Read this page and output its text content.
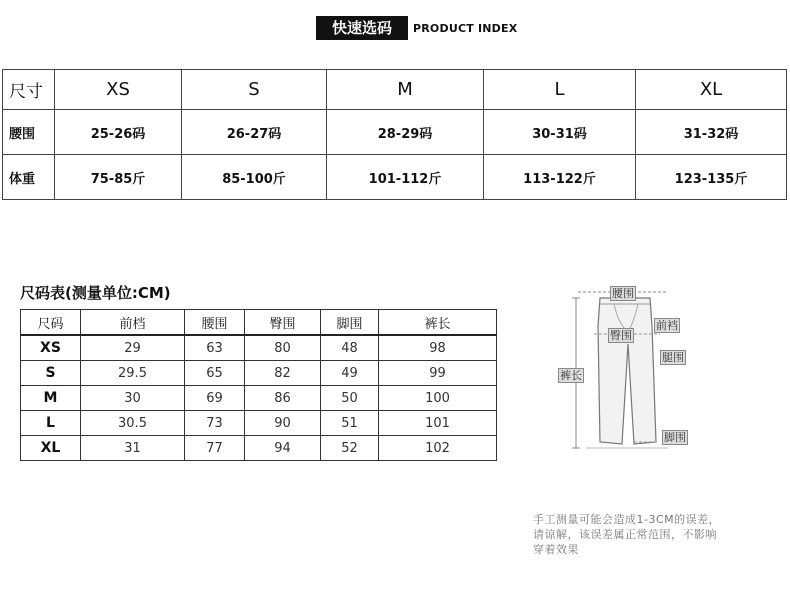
快速选码	PRODUCT INDEX
尺寸	XS	S	M	L	XL
腰围	25-26码	26-27码	28-29码	30-31码	31-32码
体重	75-85斤	85-100斤	101-112斤	113-122斤	123-135斤
尺码表(测量单位:CM)
尺码	前档	腰围	臀围	脚围	裤长
XS	29	63	80	48	98
S	29.5	65	82	49	99
M	30	69	86	50	100
L	30.5	73	90	51	101
XL	31	77	94	52	102
腰围
前裆
臀围
裤长
腿围
脚围
手工测量可能会造成1-3CM的误差，请谅解，该误差属正常范围，不影响穿着效果
